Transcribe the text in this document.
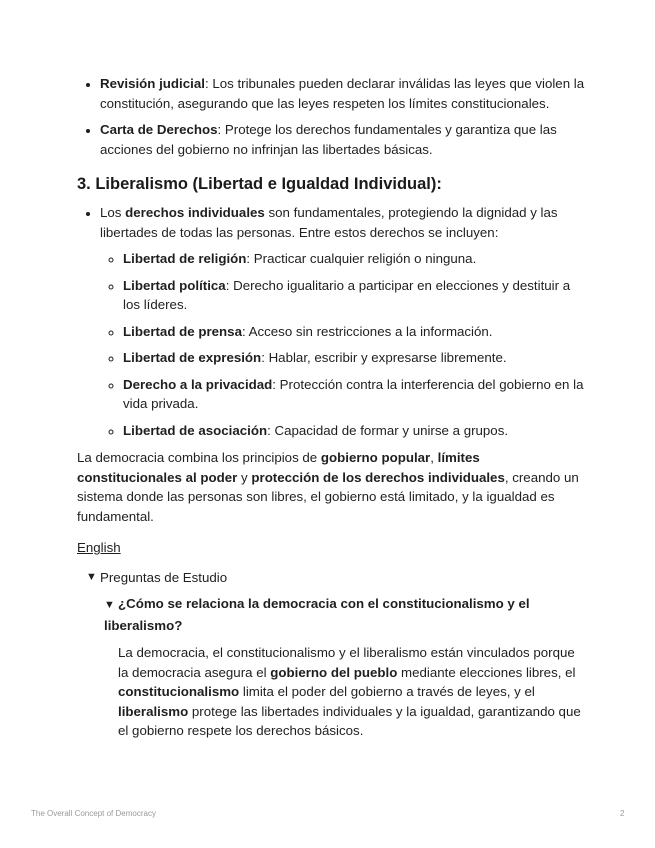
• Revisión judicial: Los tribunales pueden declarar inválidas las leyes que violen la constitución, asegurando que las leyes respeten los límites constitucionales.
• Carta de Derechos: Protege los derechos fundamentales y garantiza que las acciones del gobierno no infrinjan las libertades básicas.
3. Liberalismo (Libertad e Igualdad Individual):
• Los derechos individuales son fundamentales, protegiendo la dignidad y las libertades de todas las personas. Entre estos derechos se incluyen:
◦ Libertad de religión: Practicar cualquier religión o ninguna.
◦ Libertad política: Derecho igualitario a participar en elecciones y destituir a los líderes.
◦ Libertad de prensa: Acceso sin restricciones a la información.
◦ Libertad de expresión: Hablar, escribir y expresarse libremente.
◦ Derecho a la privacidad: Protección contra la interferencia del gobierno en la vida privada.
◦ Libertad de asociación: Capacidad de formar y unirse a grupos.

La democracia combina los principios de gobierno popular, límites constitucionales al poder y protección de los derechos individuales, creando un sistema donde las personas son libres, el gobierno está limitado, y la igualdad es fundamental.

English
▼ Preguntas de Estudio
▼ ¿Cómo se relaciona la democracia con el constitucionalismo y el liberalismo?
La democracia, el constitucionalismo y el liberalismo están vinculados porque la democracia asegura el gobierno del pueblo mediante elecciones libres, el constitucionalismo limita el poder del gobierno a través de leyes, y el liberalismo protege las libertades individuales y la igualdad, garantizando que el gobierno respete los derechos básicos.
The Overall Concept of Democracy	2
